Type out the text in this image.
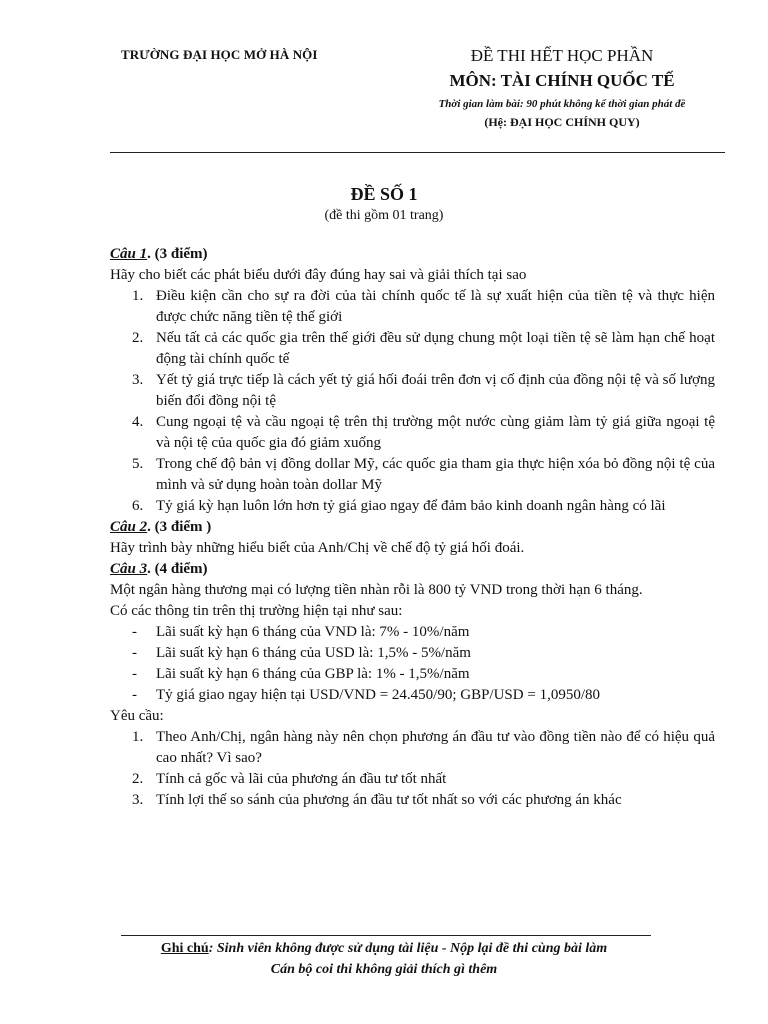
TRƯỜNG ĐẠI HỌC MỞ HÀ NỘI	ĐỀ THI HẾT HỌC PHẦN
MÔN: TÀI CHÍNH QUỐC TẾ
Thời gian làm bài: 90 phút không kể thời gian phát đề
(Hệ: ĐẠI HỌC CHÍNH QUY)
ĐỀ SỐ 1
(đề thi gồm 01 trang)
Câu 1. (3 điểm)
Hãy cho biết các phát biểu dưới đây đúng hay sai và giải thích tại sao
1. Điều kiện cần cho sự ra đời của tài chính quốc tế là sự xuất hiện của tiền tệ và thực hiện được chức năng tiền tệ thế giới
2. Nếu tất cả các quốc gia trên thế giới đều sử dụng chung một loại tiền tệ sẽ làm hạn chế hoạt động tài chính quốc tế
3. Yết tỷ giá trực tiếp là cách yết tỷ giá hối đoái trên đơn vị cố định của đồng nội tệ và số lượng biến đổi đồng nội tệ
4. Cung ngoại tệ và cầu ngoại tệ trên thị trường một nước cùng giảm làm tỷ giá giữa ngoại tệ và nội tệ của quốc gia đó giảm xuống
5. Trong chế độ bản vị đồng dollar Mỹ, các quốc gia tham gia thực hiện xóa bỏ đồng nội tệ của mình và sử dụng hoàn toàn dollar Mỹ
6. Tỷ giá kỳ hạn luôn lớn hơn tỷ giá giao ngay để đảm bảo kinh doanh ngân hàng có lãi
Câu 2. (3 điểm )
Hãy trình bày những hiểu biết của Anh/Chị về chế độ tỷ giá hối đoái.
Câu 3. (4 điểm)
Một ngân hàng thương mại có lượng tiền nhàn rỗi là 800 tỷ VND trong thời hạn 6 tháng.
Có các thông tin trên thị trường hiện tại như sau:
- Lãi suất kỳ hạn 6 tháng của VND là: 7% - 10%/năm
- Lãi suất kỳ hạn 6 tháng của USD là: 1,5% - 5%/năm
- Lãi suất kỳ hạn 6 tháng của GBP là: 1% - 1,5%/năm
- Tỷ giá giao ngay hiện tại USD/VND = 24.450/90; GBP/USD = 1,0950/80
Yêu cầu:
1. Theo Anh/Chị, ngân hàng này nên chọn phương án đầu tư vào đồng tiền nào để có hiệu quả cao nhất? Vì sao?
2. Tính cả gốc và lãi của phương án đầu tư tốt nhất
3. Tính lợi thế so sánh của phương án đầu tư tốt nhất so với các phương án khác
Ghi chú: Sinh viên không được sử dụng tài liệu - Nộp lại đề thi cùng bài làm
Cán bộ coi thi không giải thích gì thêm
